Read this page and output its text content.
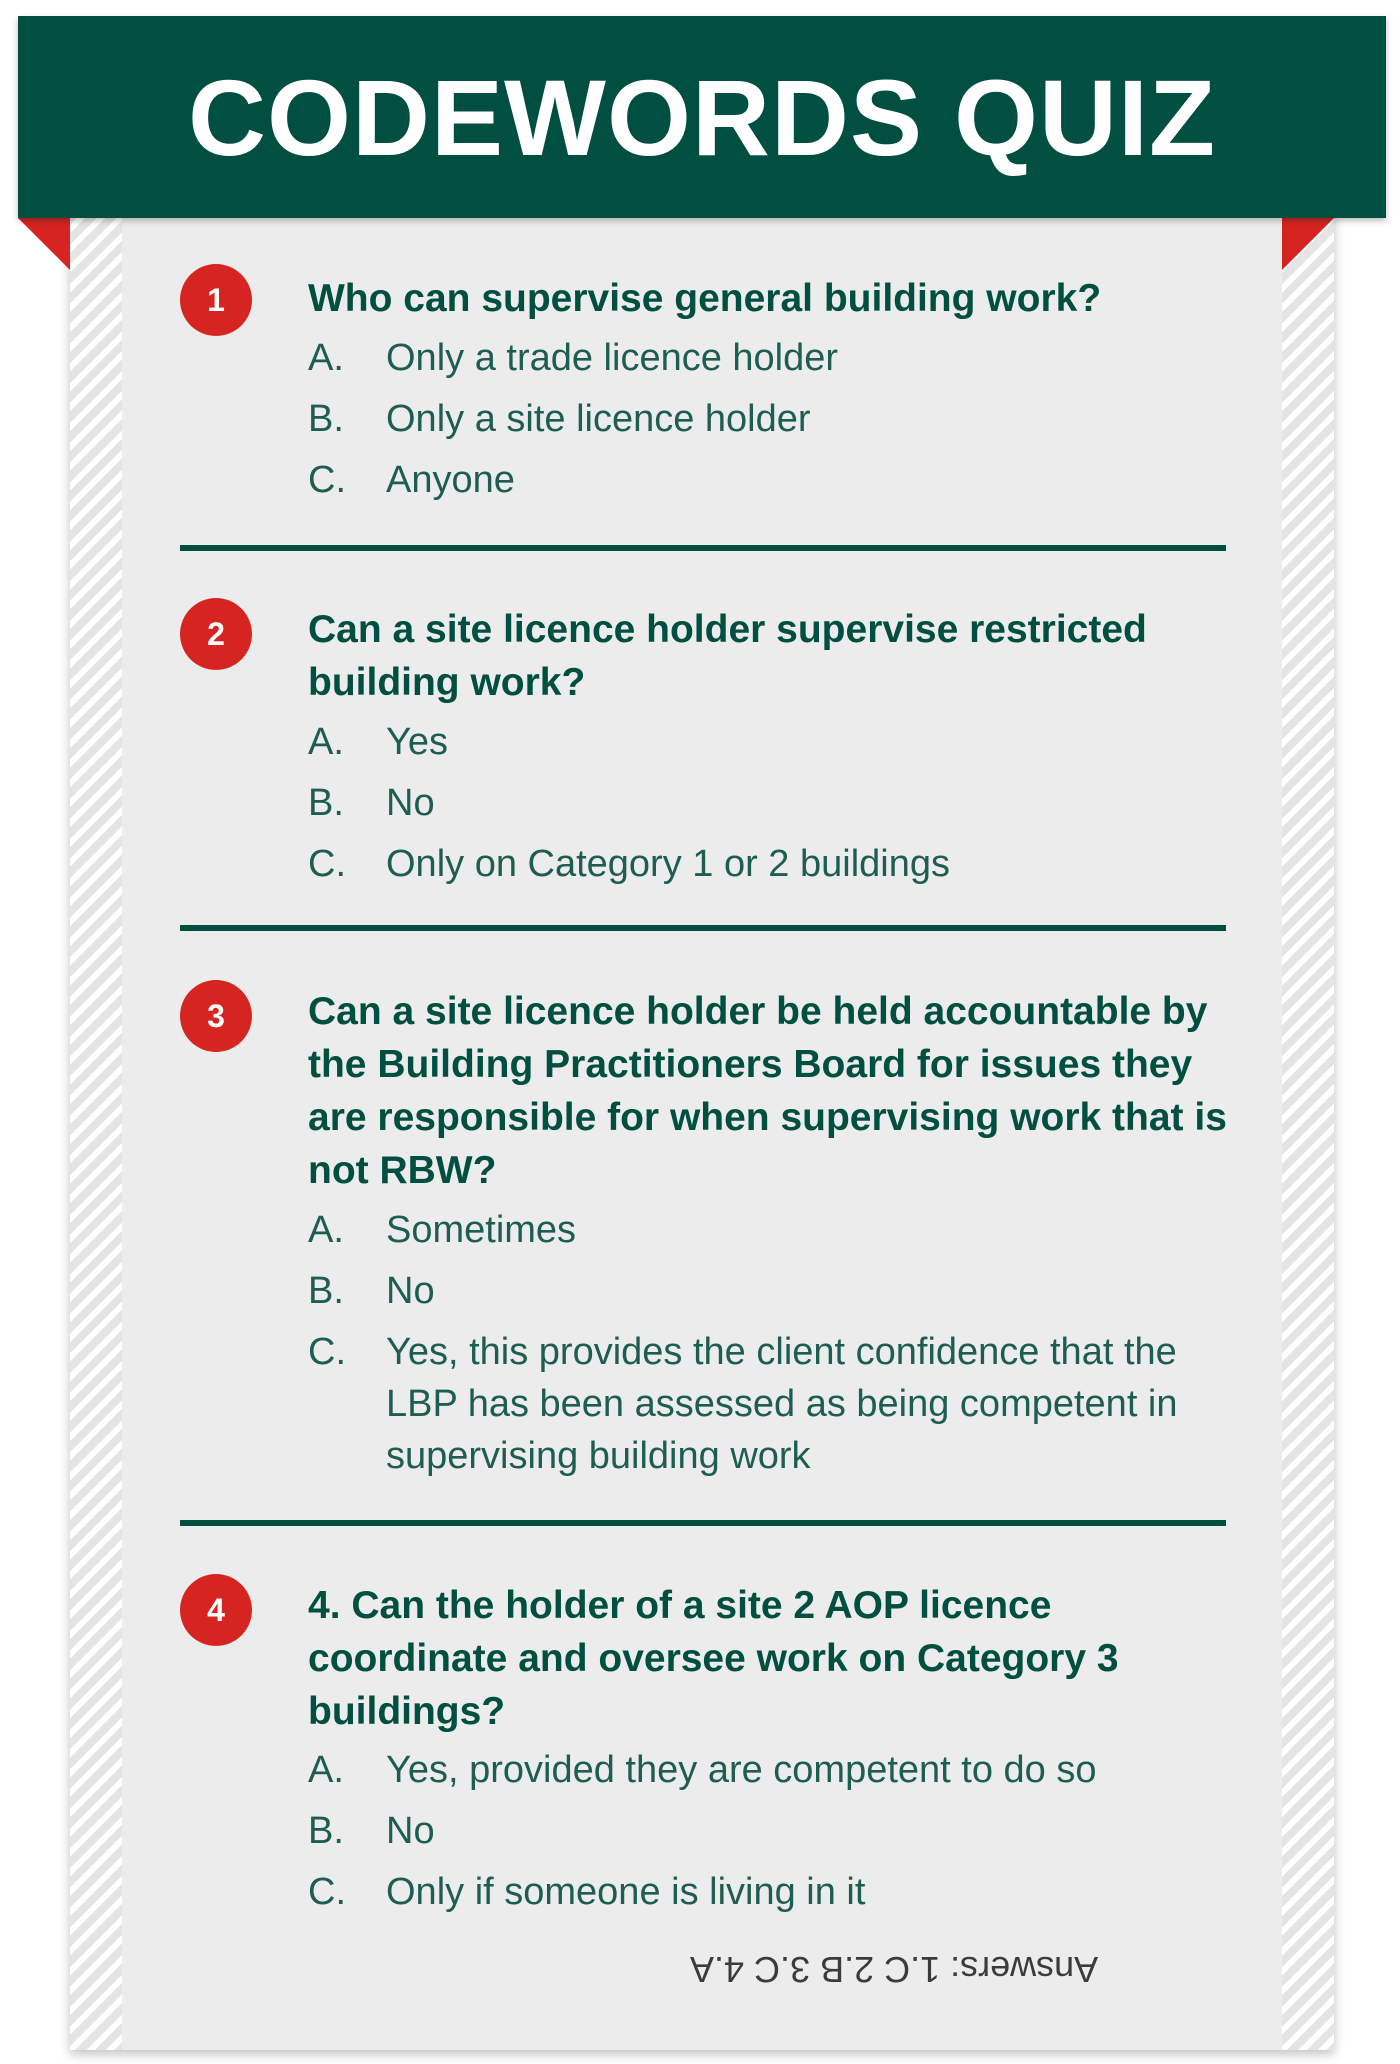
CODEWORDS QUIZ
1	Who can supervise general building work?

A.	Only a trade licence holder
B.	Only a site licence holder
C.	Anyone
2	Can a site licence holder supervise restricted building work?

A.	Yes
B.	No
C.	Only on Category 1 or 2 buildings
3	Can a site licence holder be held accountable by the Building Practitioners Board for issues they are responsible for when supervising work that is not RBW?

A.	Sometimes
B.	No
C.	Yes, this provides the client confidence that the LBP has been assessed as being competent in supervising building work
4	4. Can the holder of a site 2 AOP licence coordinate and oversee work on Category 3 buildings?

A.	Yes, provided they are competent to do so
B.	No
C.	Only if someone is living in it
Answers: 1.C 2.B 3.C 4.A
